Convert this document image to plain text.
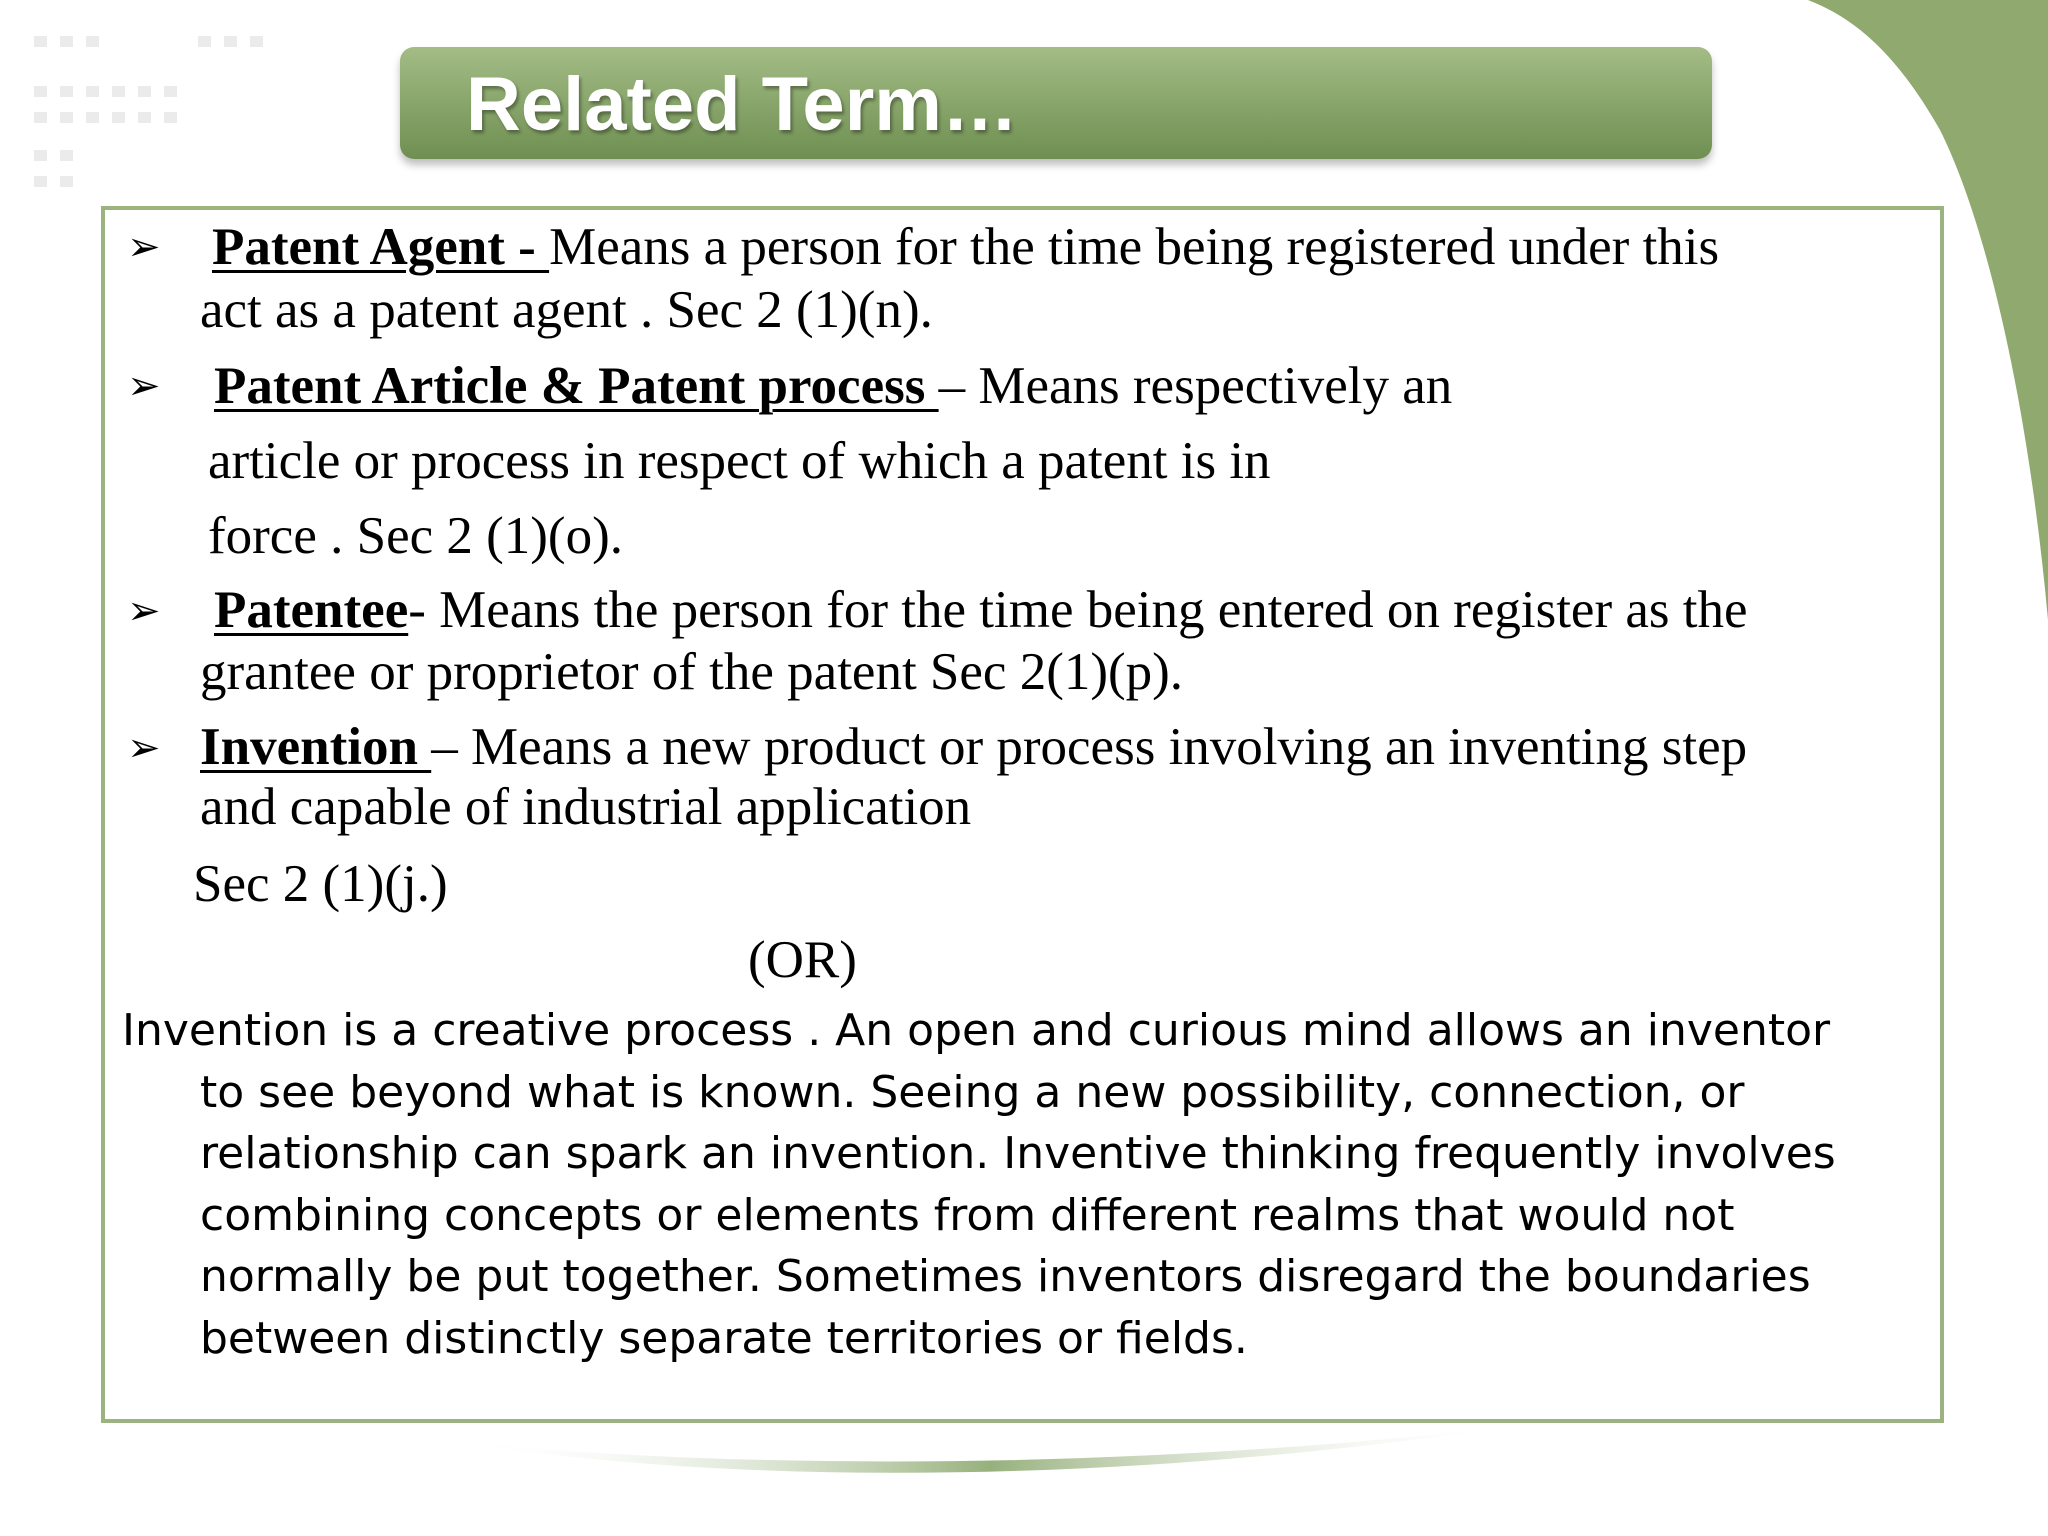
Related Term…
➢ Patent Agent - Means a person for the time being registered under this
act as a patent agent . Sec 2 (1)(n).
➢ Patent Article & Patent process – Means respectively an
article or process in respect of which a patent is in
force . Sec 2 (1)(o).
➢ Patentee- Means the person for the time being entered on register as the
grantee or proprietor of the patent Sec 2(1)(p).
➢ Invention – Means a new product or process involving an inventing step
and capable of industrial application
Sec 2 (1)(j.)
(OR)
Invention is a creative process . An open and curious mind allows an inventor
to see beyond what is known. Seeing a new possibility, connection, or
relationship can spark an invention. Inventive thinking frequently involves
combining concepts or elements from different realms that would not
normally be put together. Sometimes inventors disregard the boundaries
between distinctly separate territories or fields.
